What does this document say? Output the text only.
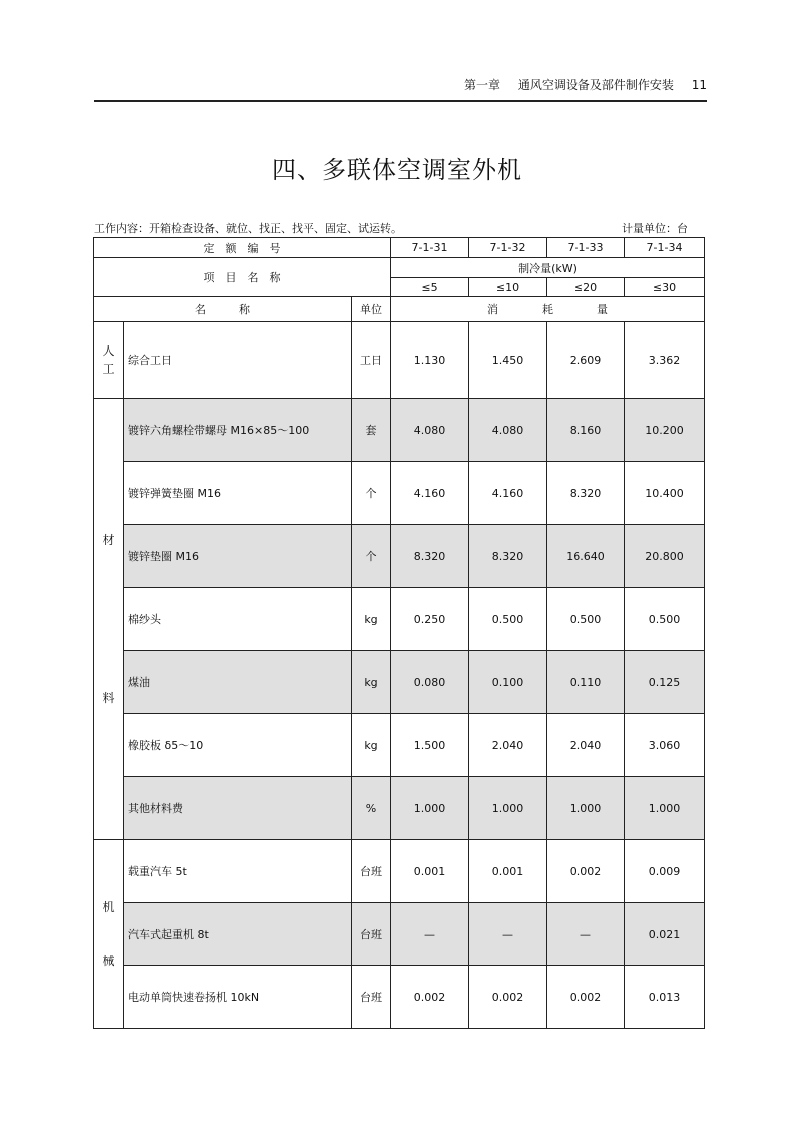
第一章 通风空调设备及部件制作安装 11
四、多联体空调室外机
工作内容：开箱检查设备、就位、找正、找平、固定、试运转。	计量单位：台
定　额　编　号			7-1-31	7-1-32	7-1-33	7-1-34
项　目　名　称			制冷量(kW)			
			≤5	≤10	≤20	≤30
名　　　称		单位	消　　　　耗　　　　量			
人
工	综合工日	工日	1.130	1.450	2.609	3.362

材
料	镀锌六角螺栓带螺母 M16×85～100	套	4.080	4.080	8.160	10.200
	镀锌弹簧垫圈 M16	个	4.160	4.160	8.320	10.400
	镀锌垫圈 M16	个	8.320	8.320	16.640	20.800
	棉纱头	kg	0.250	0.500	0.500	0.500
	煤油	kg	0.080	0.100	0.110	0.125
	橡胶板 δ5～10	kg	1.500	2.040	2.040	3.060
	其他材料费	%	1.000	1.000	1.000	1.000

机
械	载重汽车 5t	台班	0.001	0.001	0.002	0.009
	汽车式起重机 8t	台班	—	—	—	0.021
	电动单筒快速卷扬机 10kN	台班	0.002	0.002	0.002	0.013
